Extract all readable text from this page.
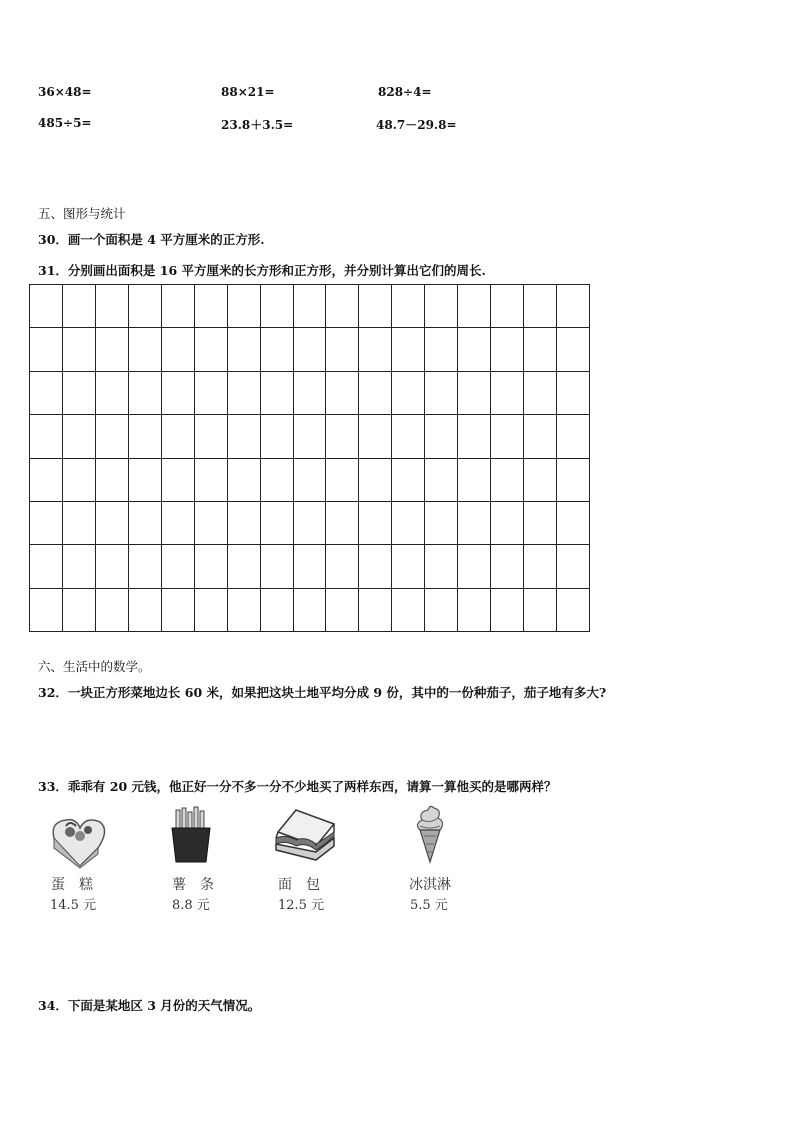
36×48=	88×21=	828÷4=
485÷5=	23.8＋3.5=	48.7－29.8=
五、图形与统计
30．画一个面积是 4 平方厘米的正方形.
31．分别画出面积是 16 平方厘米的长方形和正方形，并分别计算出它们的周长.
六、生活中的数学。
32．一块正方形菜地边长 60 米，如果把这块土地平均分成 9 份，其中的一份种茄子，茄子地有多大?
33．乖乖有 20 元钱，他正好一分不多一分不少地买了两样东西，请算一算他买的是哪两样？
蛋　糕
14.5 元
薯　条
8.8 元
面　包
12.5 元
冰淇淋
5.5 元
34．下面是某地区 3 月份的天气情况。
